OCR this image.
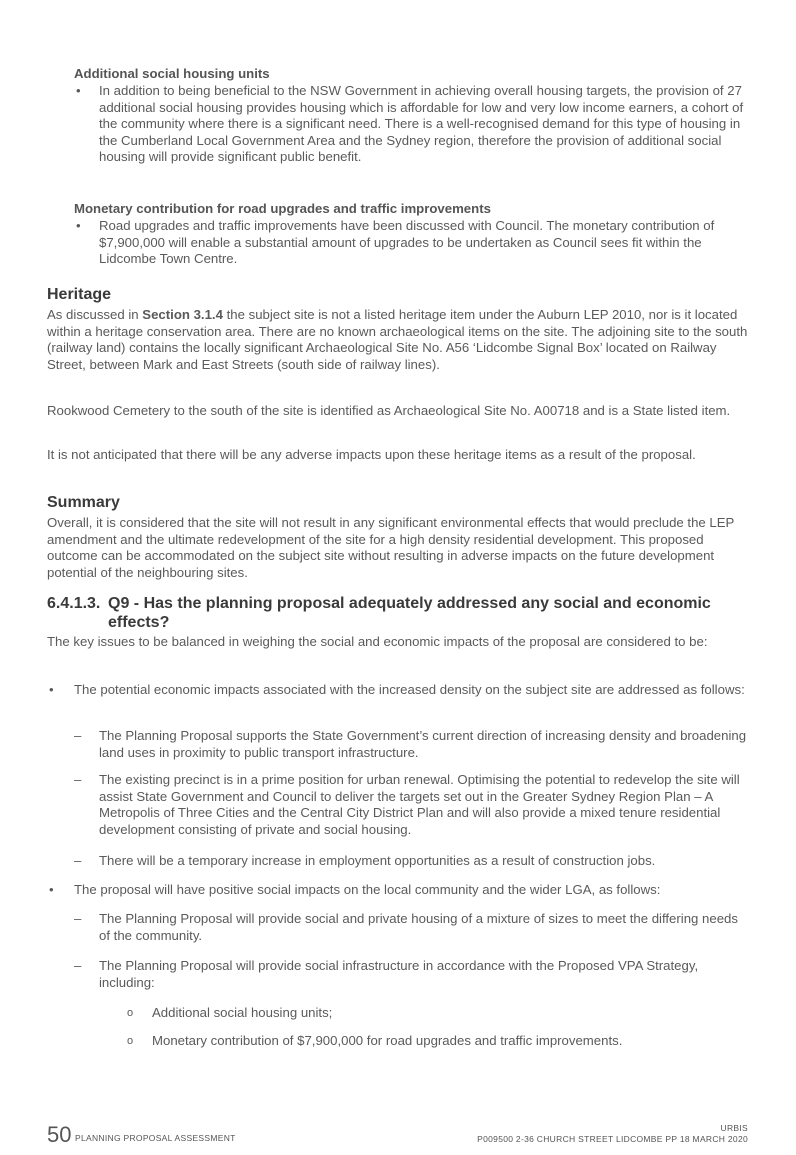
Additional social housing units

• In addition to being beneficial to the NSW Government in achieving overall housing targets, the provision of 27 additional social housing provides housing which is affordable for low and very low income earners, a cohort of the community where there is a significant need. There is a well-recognised demand for this type of housing in the Cumberland Local Government Area and the Sydney region, therefore the provision of additional social housing will provide significant public benefit.

Monetary contribution for road upgrades and traffic improvements

• Road upgrades and traffic improvements have been discussed with Council. The monetary contribution of $7,900,000 will enable a substantial amount of upgrades to be undertaken as Council sees fit within the Lidcombe Town Centre.

Heritage

As discussed in Section 3.1.4 the subject site is not a listed heritage item under the Auburn LEP 2010, nor is it located within a heritage conservation area. There are no known archaeological items on the site. The adjoining site to the south (railway land) contains the locally significant Archaeological Site No. A56 ‘Lidcombe Signal Box’ located on Railway Street, between Mark and East Streets (south side of railway lines).

Rookwood Cemetery to the south of the site is identified as Archaeological Site No. A00718 and is a State listed item.

It is not anticipated that there will be any adverse impacts upon these heritage items as a result of the proposal.

Summary

Overall, it is considered that the site will not result in any significant environmental effects that would preclude the LEP amendment and the ultimate redevelopment of the site for a high density residential development. This proposed outcome can be accommodated on the subject site without resulting in adverse impacts on the future development potential of the neighbouring sites.

6.4.1.3. Q9 - Has the planning proposal adequately addressed any social and economic effects?

The key issues to be balanced in weighing the social and economic impacts of the proposal are considered to be:

• The potential economic impacts associated with the increased density on the subject site are addressed as follows:

– The Planning Proposal supports the State Government’s current direction of increasing density and broadening land uses in proximity to public transport infrastructure.

– The existing precinct is in a prime position for urban renewal. Optimising the potential to redevelop the site will assist State Government and Council to deliver the targets set out in the Greater Sydney Region Plan – A Metropolis of Three Cities and the Central City District Plan and will also provide a mixed tenure residential development consisting of private and social housing.

– There will be a temporary increase in employment opportunities as a result of construction jobs.

• The proposal will have positive social impacts on the local community and the wider LGA, as follows:

– The Planning Proposal will provide social and private housing of a mixture of sizes to meet the differing needs of the community.

– The Planning Proposal will provide social infrastructure in accordance with the Proposed VPA Strategy, including:

o Additional social housing units;

o Monetary contribution of $7,900,000 for road upgrades and traffic improvements.

50 PLANNING PROPOSAL ASSESSMENT
URBIS
P009500 2-36 CHURCH STREET LIDCOMBE PP 18 MARCH 2020
